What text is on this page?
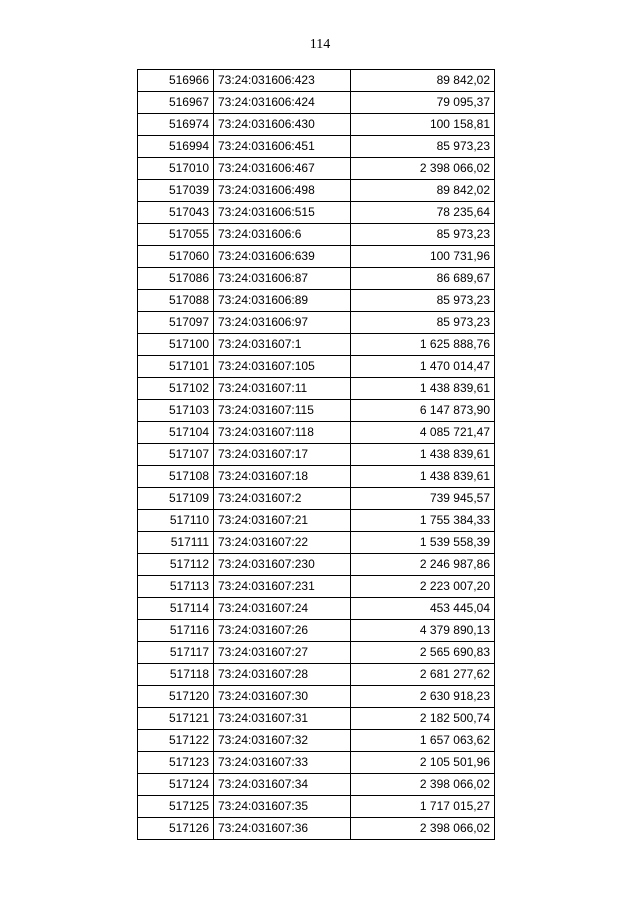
114
516966	73:24:031606:423	89 842,02
516967	73:24:031606:424	79 095,37
516974	73:24:031606:430	100 158,81
516994	73:24:031606:451	85 973,23
517010	73:24:031606:467	2 398 066,02
517039	73:24:031606:498	89 842,02
517043	73:24:031606:515	78 235,64
517055	73:24:031606:6	85 973,23
517060	73:24:031606:639	100 731,96
517086	73:24:031606:87	86 689,67
517088	73:24:031606:89	85 973,23
517097	73:24:031606:97	85 973,23
517100	73:24:031607:1	1 625 888,76
517101	73:24:031607:105	1 470 014,47
517102	73:24:031607:11	1 438 839,61
517103	73:24:031607:115	6 147 873,90
517104	73:24:031607:118	4 085 721,47
517107	73:24:031607:17	1 438 839,61
517108	73:24:031607:18	1 438 839,61
517109	73:24:031607:2	739 945,57
517110	73:24:031607:21	1 755 384,33
517111	73:24:031607:22	1 539 558,39
517112	73:24:031607:230	2 246 987,86
517113	73:24:031607:231	2 223 007,20
517114	73:24:031607:24	453 445,04
517116	73:24:031607:26	4 379 890,13
517117	73:24:031607:27	2 565 690,83
517118	73:24:031607:28	2 681 277,62
517120	73:24:031607:30	2 630 918,23
517121	73:24:031607:31	2 182 500,74
517122	73:24:031607:32	1 657 063,62
517123	73:24:031607:33	2 105 501,96
517124	73:24:031607:34	2 398 066,02
517125	73:24:031607:35	1 717 015,27
517126	73:24:031607:36	2 398 066,02
